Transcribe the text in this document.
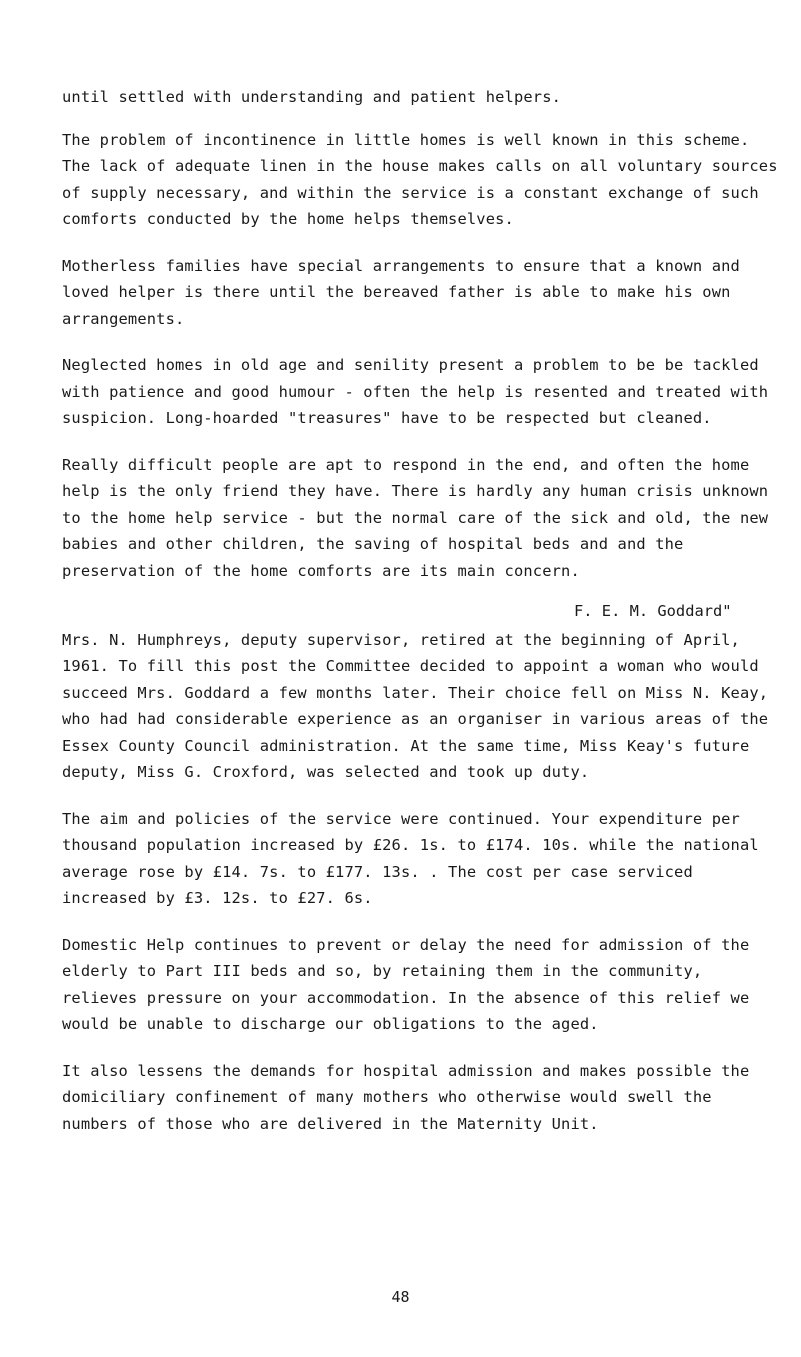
until settled with understanding and patient helpers.

The problem of incontinence in little homes is well known in this scheme. The lack of adequate linen in the house makes calls on all voluntary sources of supply necessary, and within the service is a constant exchange of such comforts conducted by the home helps themselves.

Motherless families have special arrangements to ensure that a known and loved helper is there until the bereaved father is able to make his own arrangements.

Neglected homes in old age and senility present a problem to be be tackled with patience and good humour - often the help is resented and treated with suspicion. Long-hoarded "treasures" have to be respected but cleaned.

Really difficult people are apt to respond in the end, and often the home help is the only friend they have. There is hardly any human crisis unknown to the home help service - but the normal care of the sick and old, the new babies and other children, the saving of hospital beds and and the preservation of the home comforts are its main concern.

F. E. M. Goddard"

Mrs. N. Humphreys, deputy supervisor, retired at the beginning of April, 1961. To fill this post the Committee decided to appoint a woman who would succeed Mrs. Goddard a few months later. Their choice fell on Miss N. Keay, who had had considerable experience as an organiser in various areas of the Essex County Council administration. At the same time, Miss Keay's future deputy, Miss G. Croxford, was selected and took up duty.

The aim and policies of the service were continued. Your expenditure per thousand population increased by £26. 1s. to £174. 10s. while the national average rose by £14. 7s. to £177. 13s. . The cost per case serviced increased by £3. 12s. to £27. 6s.

Domestic Help continues to prevent or delay the need for admission of the elderly to Part III beds and so, by retaining them in the community, relieves pressure on your accommodation. In the absence of this relief we would be unable to discharge our obligations to the aged.

It also lessens the demands for hospital admission and makes possible the domiciliary confinement of many mothers who otherwise would swell the numbers of those who are delivered in the Maternity Unit.

48
